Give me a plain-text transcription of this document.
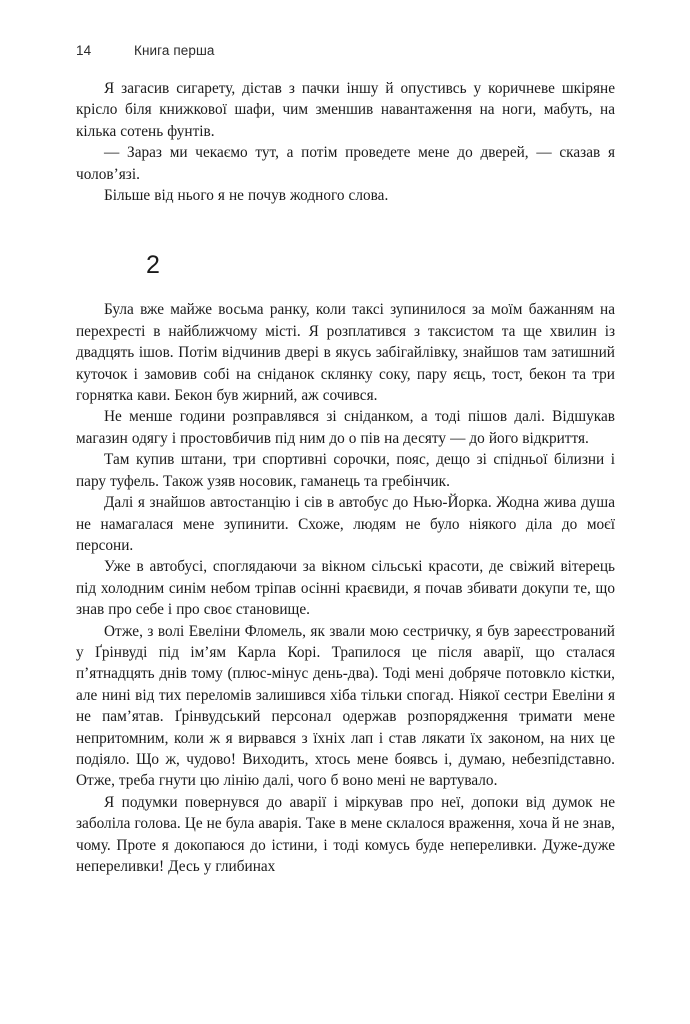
14	Книга перша

Я загасив сигарету, дістав з пачки іншу й опустивсь у коричневе шкіряне крісло біля книжкової шафи, чим зменшив навантаження на ноги, мабуть, на кілька сотень фунтів.

— Зараз ми чекаємо тут, а потім проведете мене до дверей, — сказав я чолов’язі.

Більше від нього я не почув жодного слова.

2

Була вже майже восьма ранку, коли таксі зупинилося за моїм бажанням на перехресті в найближчому місті. Я розплатився з таксистом та ще хвилин із двадцять ішов. Потім відчинив двері в якусь забігайлівку, знайшов там затишний куточок і замовив собі на сніданок склянку соку, пару яєць, тост, бекон та три горнятка кави. Бекон був жирний, аж сочився.

Не менше години розправлявся зі сніданком, а тоді пішов далі. Відшукав магазин одягу і простовбичив під ним до о пів на десяту — до його відкриття.

Там купив штани, три спортивні сорочки, пояс, дещо зі спідньої білизни і пару туфель. Також узяв носовик, гаманець та гребінчик.

Далі я знайшов автостанцію і сів в автобус до Нью-Йорка. Жодна жива душа не намагалася мене зупинити. Схоже, людям не було ніякого діла до моєї персони.

Уже в автобусі, споглядаючи за вікном сільські красоти, де свіжий вітерець під холодним синім небом тріпав осінні краєвиди, я почав збивати докупи те, що знав про себе і про своє становище.

Отже, з волі Евеліни Фломель, як звали мою сестричку, я був зареєстрований у Ґрінвуді під ім’ям Карла Корі. Трапилося це після аварії, що сталася п’ятнадцять днів тому (плюс-мінус день-два). Тоді мені добряче потовкло кістки, але нині від тих переломів залишився хіба тільки спогад. Ніякої сестри Евеліни я не пам’ятав. Ґрінвудський персонал одержав розпорядження тримати мене непритомним, коли ж я вирвався з їхніх лап і став лякати їх законом, на них це подіяло. Що ж, чудово! Виходить, хтось мене боявсь і, думаю, небезпідставно. Отже, треба гнути цю лінію далі, чого б воно мені не вартувало.

Я подумки повернувся до аварії і міркував про неї, допоки від думок не заболіла голова. Це не була аварія. Таке в мене склалося враження, хоча й не знав, чому. Проте я докопаюся до істини, і тоді комусь буде непереливки. Дуже-дуже непереливки! Десь у глибинах
